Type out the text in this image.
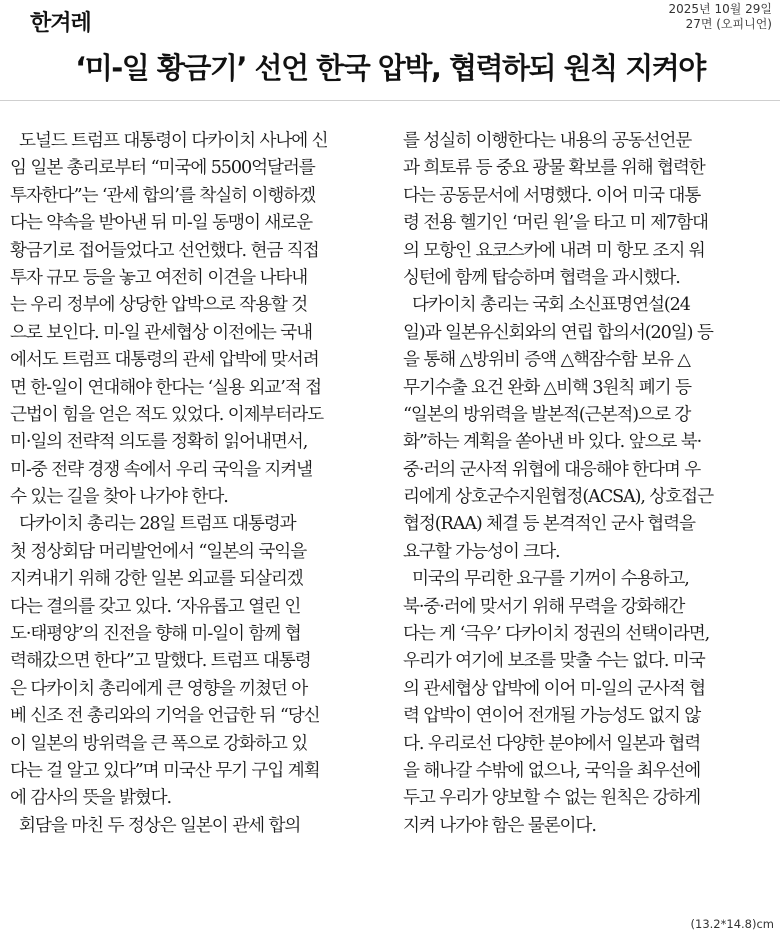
한겨레
2025년 10월 29일
27면 (오피니언)
‘미-일 황금기’ 선언 한국 압박, 협력하되 원칙 지켜야
도널드 트럼프 대통령이 다카이치 사나에 신
임 일본 총리로부터 “미국에 5500억달러를
투자한다”는 ‘관세 합의’를 착실히 이행하겠
다는 약속을 받아낸 뒤 미-일 동맹이 새로운
황금기로 접어들었다고 선언했다. 현금 직접
투자 규모 등을 놓고 여전히 이견을 나타내
는 우리 정부에 상당한 압박으로 작용할 것
으로 보인다. 미-일 관세협상 이전에는 국내
에서도 트럼프 대통령의 관세 압박에 맞서려
면 한-일이 연대해야 한다는 ‘실용 외교’적 접
근법이 힘을 얻은 적도 있었다. 이제부터라도
미·일의 전략적 의도를 정확히 읽어내면서,
미-중 전략 경쟁 속에서 우리 국익을 지켜낼
수 있는 길을 찾아 나가야 한다.
다카이치 총리는 28일 트럼프 대통령과
첫 정상회담 머리발언에서 “일본의 국익을
지켜내기 위해 강한 일본 외교를 되살리겠
다는 결의를 갖고 있다. ‘자유롭고 열린 인
도·태평양’의 진전을 향해 미-일이 함께 협
력해갔으면 한다”고 말했다. 트럼프 대통령
은 다카이치 총리에게 큰 영향을 끼쳤던 아
베 신조 전 총리와의 기억을 언급한 뒤 “당신
이 일본의 방위력을 큰 폭으로 강화하고 있
다는 걸 알고 있다”며 미국산 무기 구입 계획
에 감사의 뜻을 밝혔다.
회담을 마친 두 정상은 일본이 관세 합의
를 성실히 이행한다는 내용의 공동선언문
과 희토류 등 중요 광물 확보를 위해 협력한
다는 공동문서에 서명했다. 이어 미국 대통
령 전용 헬기인 ‘머린 원’을 타고 미 제7함대
의 모항인 요코스카에 내려 미 항모 조지 워
싱턴에 함께 탑승하며 협력을 과시했다.
다카이치 총리는 국회 소신표명연설(24
일)과 일본유신회와의 연립 합의서(20일) 등
을 통해 △방위비 증액 △핵잠수함 보유 △
무기수출 요건 완화 △비핵 3원칙 폐기 등
“일본의 방위력을 발본적(근본적)으로 강
화”하는 계획을 쏟아낸 바 있다. 앞으로 북·
중·러의 군사적 위협에 대응해야 한다며 우
리에게 상호군수지원협정(ACSA), 상호접근
협정(RAA) 체결 등 본격적인 군사 협력을
요구할 가능성이 크다.
미국의 무리한 요구를 기꺼이 수용하고,
북·중·러에 맞서기 위해 무력을 강화해간
다는 게 ‘극우’ 다카이치 정권의 선택이라면,
우리가 여기에 보조를 맞출 수는 없다. 미국
의 관세협상 압박에 이어 미-일의 군사적 협
력 압박이 연이어 전개될 가능성도 없지 않
다. 우리로선 다양한 분야에서 일본과 협력
을 해나갈 수밖에 없으나, 국익을 최우선에
두고 우리가 양보할 수 없는 원칙은 강하게
지켜 나가야 함은 물론이다.
(13.2*14.8)cm
